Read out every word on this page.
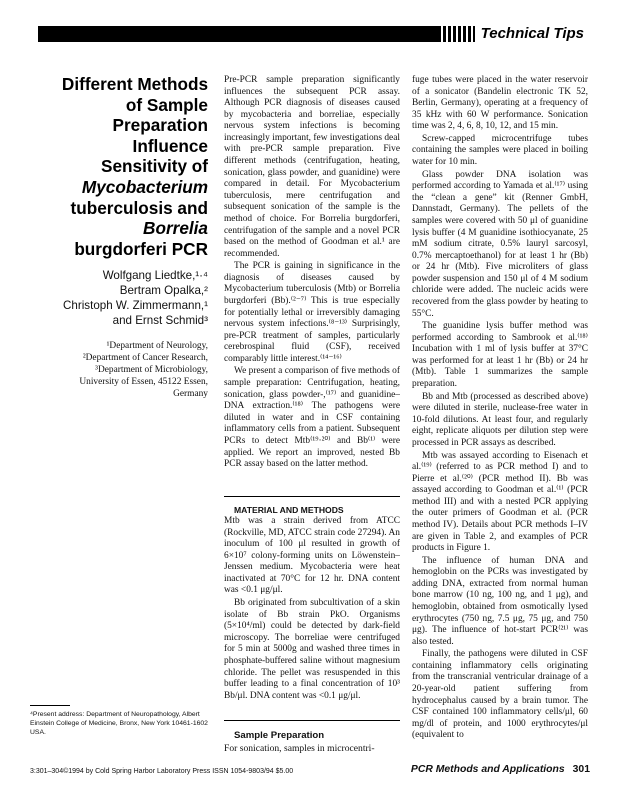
Technical Tips
Different Methods
of Sample
Preparation
Influence
Sensitivity of
Mycobacterium
tuberculosis and
Borrelia
burgdorferi PCR
Wolfgang Liedtke,¹·⁴
Bertram Opalka,²
Christoph W. Zimmermann,¹
and Ernst Schmid³
¹Department of Neurology,
²Department of Cancer Research,
³Department of Microbiology,
University of Essen, 45122 Essen,
Germany
⁴Present address: Department of Neuropathology, Albert Einstein College of Medicine, Bronx, New York 10461-1602 USA.

Pre-PCR sample preparation significantly influences the subsequent PCR assay. Although PCR diagnosis of diseases caused by mycobacteria and borreliae, especially nervous system infections is becoming increasingly important, few investigations deal with pre-PCR sample preparation. Five different methods (centrifugation, heating, sonication, glass powder, and guanidine) were compared in detail. For Mycobacterium tuberculosis, mere centrifugation and subsequent sonication of the sample is the method of choice. For Borrelia burgdorferi, centrifugation of the sample and a novel PCR based on the method of Goodman et al.¹ are recommended.

The PCR is gaining in significance in the diagnosis of diseases caused by Mycobacterium tuberculosis (Mtb) or Borrelia burgdorferi (Bb).⁽²⁻⁷⁾ This is true especially for potentially lethal or irreversibly damaging nervous system infections.⁽⁸⁻¹³⁾ Surprisingly, pre-PCR treatment of samples, particularly cerebrospinal fluid (CSF), received comparably little interest.⁽¹⁴⁻¹⁶⁾

We present a comparison of five methods of sample preparation: Centrifugation, heating, sonication, glass powder-,⁽¹⁷⁾ and guanidine–DNA extraction.⁽¹⁸⁾ The pathogens were diluted in water and in CSF containing inflammatory cells from a patient. Subsequent PCRs to detect Mtb⁽¹⁹·²⁰⁾ and Bb⁽¹⁾ were applied. We report an improved, nested Bb PCR assay based on the latter method.

MATERIAL AND METHODS

Mtb was a strain derived from ATCC (Rockville, MD, ATCC strain code 27294). An inoculum of 100 μl resulted in growth of 6×10⁷ colony-forming units on Löwenstein–Jenssen medium. Mycobacteria were heat inactivated at 70°C for 12 hr. DNA content was <0.1 μg/μl.

Bb originated from subcultivation of a skin isolate of Bb strain PkO. Organisms (5×10⁴/ml) could be detected by dark-field microscopy. The borreliae were centrifuged for 5 min at 5000g and washed three times in phosphate-buffered saline without magnesium chloride. The pellet was resuspended in this buffer leading to a final concentration of 10³ Bb/μl. DNA content was <0.1 μg/μl.

Sample Preparation

For sonication, samples in microcentri-

fuge tubes were placed in the water reservoir of a sonicator (Bandelin electronic TK 52, Berlin, Germany), operating at a frequency of 35 kHz with 60 W performance. Sonication time was 2, 4, 6, 8, 10, 12, and 15 min.

Screw-capped microcentrifuge tubes containing the samples were placed in boiling water for 10 min.

Glass powder DNA isolation was performed according to Yamada et al.⁽¹⁷⁾ using the “clean a gene” kit (Renner GmbH, Dannstadt, Germany). The pellets of the samples were covered with 50 μl of guanidine lysis buffer (4 M guanidine isothiocyanate, 25 mM sodium citrate, 0.5% lauryl sarcosyl, 0.7% mercaptoethanol) for at least 1 hr (Bb) or 24 hr (Mtb). Five microliters of glass powder suspension and 150 μl of 4 M sodium chloride were added. The nucleic acids were recovered from the glass powder by heating to 55°C.

The guanidine lysis buffer method was performed according to Sambrook et al.⁽¹⁸⁾ Incubation with 1 ml of lysis buffer at 37°C was performed for at least 1 hr (Bb) or 24 hr (Mtb). Table 1 summarizes the sample preparation.

Bb and Mtb (processed as described above) were diluted in sterile, nuclease-free water in 10-fold dilutions. At least four, and regularly eight, replicate aliquots per dilution step were processed in PCR assays as described.

Mtb was assayed according to Eisenach et al.⁽¹⁹⁾ (referred to as PCR method I) and to Pierre et al.⁽²⁰⁾ (PCR method II). Bb was assayed according to Goodman et al.⁽¹⁾ (PCR method III) and with a nested PCR applying the outer primers of Goodman et al. (PCR method IV). Details about PCR methods I–IV are given in Table 2, and examples of PCR products in Figure 1.

The influence of human DNA and hemoglobin on the PCRs was investigated by adding DNA, extracted from normal human bone marrow (10 ng, 100 ng, and 1 μg), and hemoglobin, obtained from osmotically lysed erythrocytes (750 ng, 7.5 μg, 75 μg, and 750 μg). The influence of hot-start PCR⁽²¹⁾ was also tested.

Finally, the pathogens were diluted in CSF containing inflammatory cells originating from the transcranial ventricular drainage of a 20-year-old patient suffering from hydrocephalus caused by a brain tumor. The CSF contained 100 inflammatory cells/μl, 60 mg/dl of protein, and 1000 erythrocytes/μl (equivalent to

3:301–304©1994 by Cold Spring Harbor Laboratory Press ISSN 1054-9803/94 $5.00	PCR Methods and Applications 301
